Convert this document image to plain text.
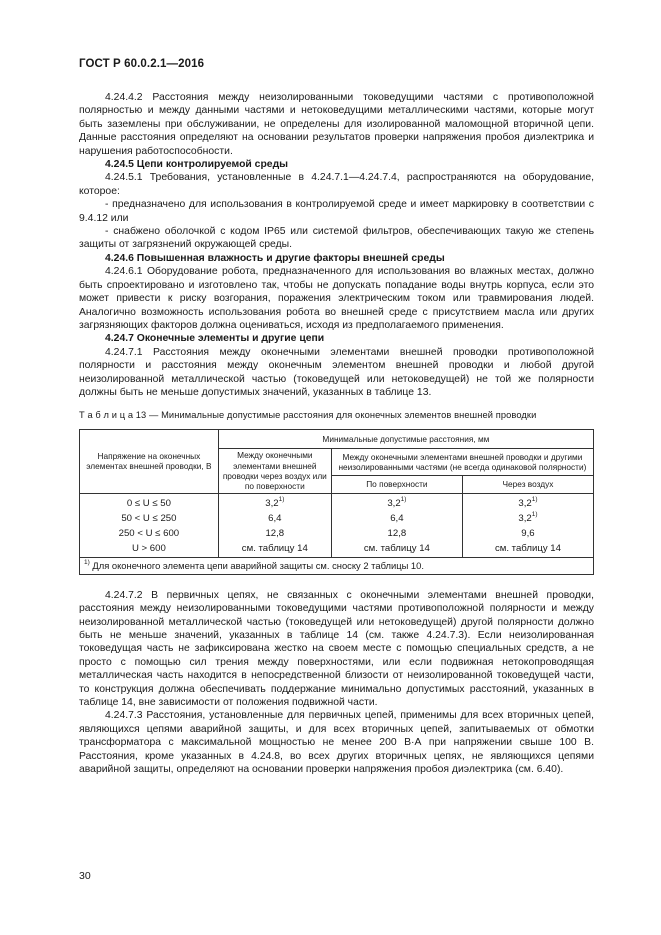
ГОСТ Р 60.0.2.1—2016

4.24.4.2 Расстояния между неизолированными токоведущими частями с противоположной полярностью и между данными частями и нетоковедущими металлическими частями, которые могут быть заземлены при обслуживании, не определены для изолированной маломощной вторичной цепи. Данные расстояния определяют на основании результатов проверки напряжения пробоя диэлектрика и нарушения работоспособности.

4.24.5 Цепи контролируемой среды

4.24.5.1 Требования, установленные в 4.24.7.1—4.24.7.4, распространяются на оборудование, которое:

- предназначено для использования в контролируемой среде и имеет маркировку в соответствии с 9.4.12 или

- снабжено оболочкой с кодом IP65 или системой фильтров, обеспечивающих такую же степень защиты от загрязнений окружающей среды.

4.24.6 Повышенная влажность и другие факторы внешней среды

4.24.6.1 Оборудование робота, предназначенного для использования во влажных местах, должно быть спроектировано и изготовлено так, чтобы не допускать попадание воды внутрь корпуса, если это может привести к риску возгорания, поражения электрическим током или травмирования людей. Аналогично возможность использования робота во внешней среде с присутствием масла или других загрязняющих факторов должна оцениваться, исходя из предполагаемого применения.

4.24.7 Оконечные элементы и другие цепи

4.24.7.1 Расстояния между оконечными элементами внешней проводки противоположной полярности и расстояния между оконечным элементом внешней проводки и любой другой неизолированной металлической частью (токоведущей или нетоковедущей) не той же полярности должны быть не меньше допустимых значений, указанных в таблице 13.

Т а б л и ц а 13 — Минимальные допустимые расстояния для оконечных элементов внешней проводки
Напряжение на оконечных элементах внешней проводки, В	Минимальные допустимые расстояния, мм		
	Между оконечными элементами внешней проводки через воздух или по поверхности	Между оконечными элементами внешней проводки и другими неизолированными частями (не всегда одинаковой полярности)	
		По поверхности	Через воздух
0 ≤ U ≤ 50	3,2$^{1)}$	3,2$^{1)}$	3,2$^{1)}$
50 < U ≤ 250	6,4	6,4	3,2$^{1)}$
250 < U ≤ 600	12,8	12,8	9,6
U > 600	см. таблицу 14	см. таблицу 14	см. таблицу 14
$^{1)}$ Для оконечного элемента цепи аварийной защиты см. сноску 2 таблицы 10.			

4.24.7.2 В первичных цепях, не связанных с оконечными элементами внешней проводки, расстояния между неизолированными токоведущими частями противоположной полярности и между неизолированной металлической частью (токоведущей или нетоковедущей) другой полярности должно быть не меньше значений, указанных в таблице 14 (см. также 4.24.7.3). Если неизолированная токоведущая часть не зафиксирована жестко на своем месте с помощью специальных средств, а не просто с помощью сил трения между поверхностями, или если подвижная нетокопроводящая металлическая часть находится в непосредственной близости от неизолированной токоведущей части, то конструкция должна обеспечивать поддержание минимально допустимых расстояний, указанных в таблице 14, вне зависимости от положения подвижной части.

4.24.7.3 Расстояния, установленные для первичных цепей, применимы для всех вторичных цепей, являющихся цепями аварийной защиты, и для всех вторичных цепей, запитываемых от обмотки трансформатора с максимальной мощностью не менее 200 В·А при напряжении свыше 100 В. Расстояния, кроме указанных в 4.24.8, во всех других вторичных цепях, не являющихся цепями аварийной защиты, определяют на основании проверки напряжения пробоя диэлектрика (см. 6.40).

30
